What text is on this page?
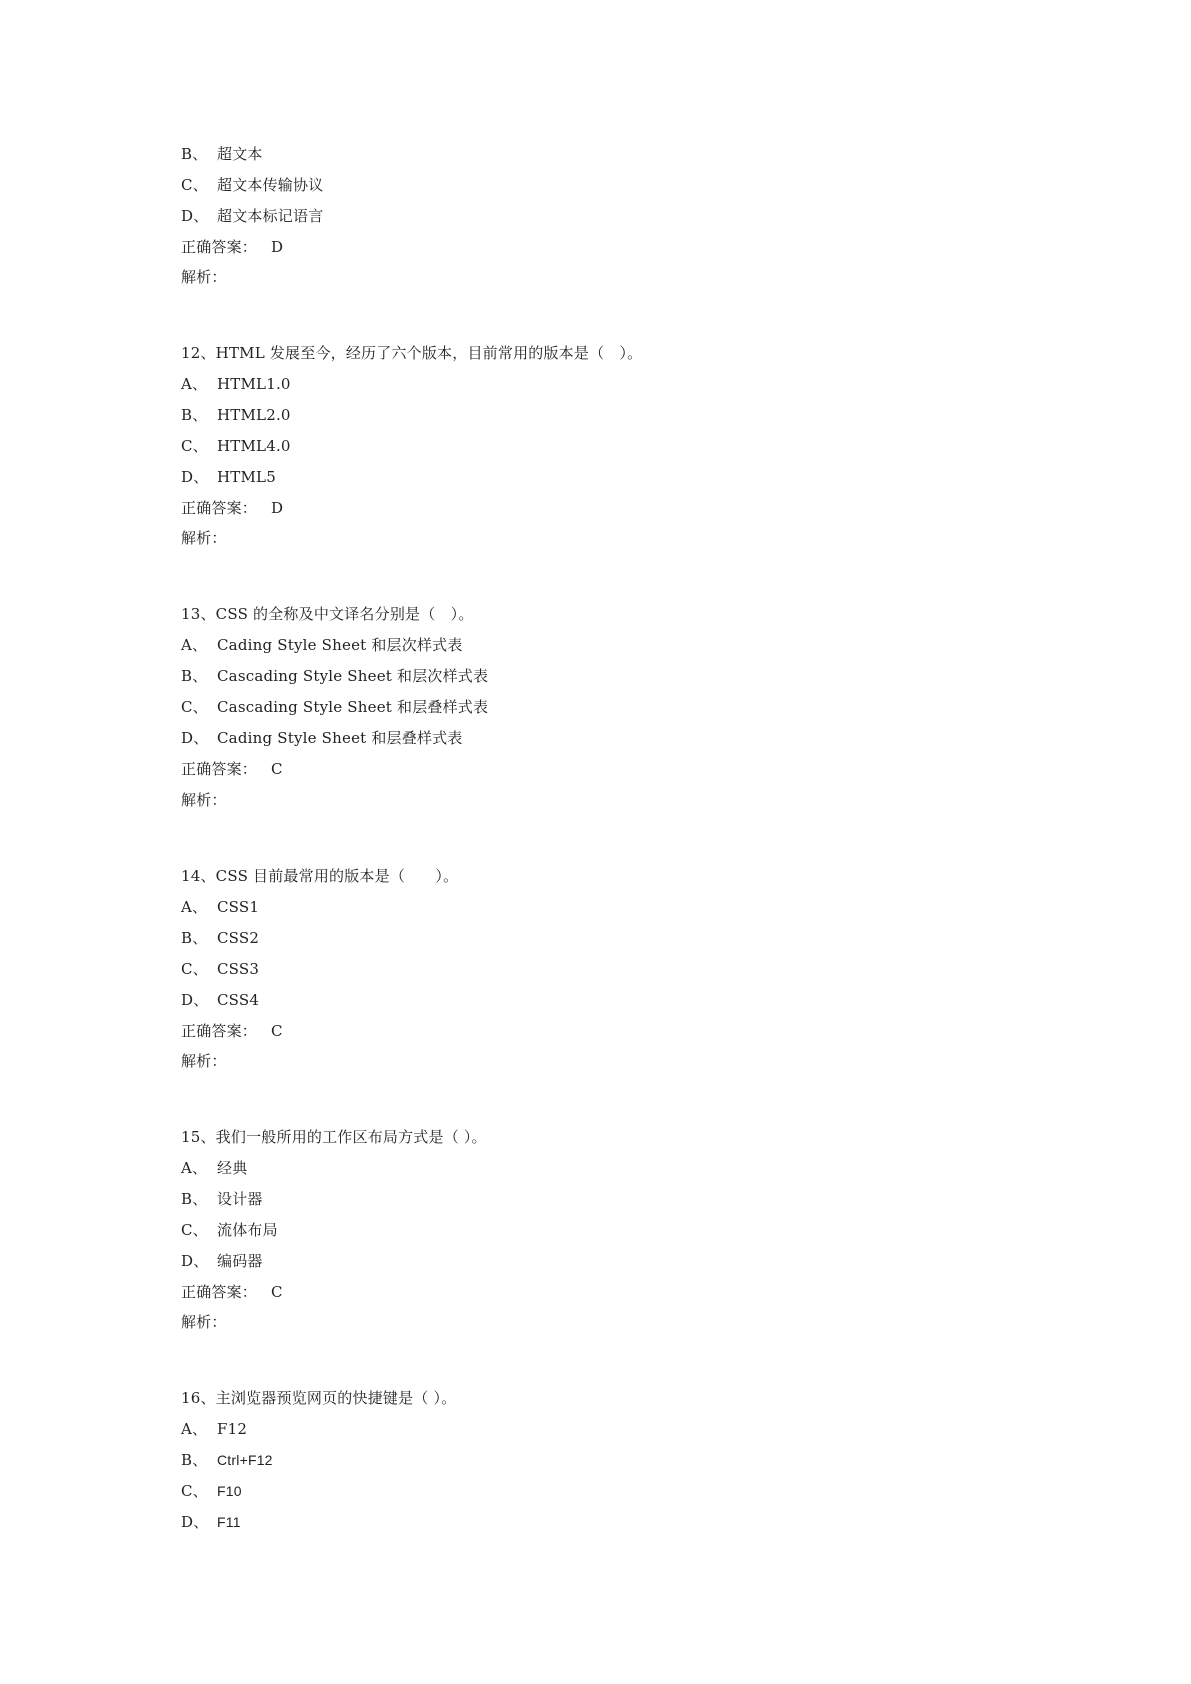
B、 超文本
C、 超文本传输协议
D、 超文本标记语言
正确答案： D
解析：
12、HTML 发展至今，经历了六个版本，目前常用的版本是（　）。
A、 HTML1.0
B、 HTML2.0
C、 HTML4.0
D、 HTML5
正确答案： D
解析：
13、CSS 的全称及中文译名分别是（　）。
A、 Cading Style Sheet 和层次样式表
B、 Cascading Style Sheet 和层次样式表
C、 Cascading Style Sheet 和层叠样式表
D、 Cading Style Sheet 和层叠样式表
正确答案： C
解析：
14、CSS 目前最常用的版本是（　　）。
A、 CSS1
B、 CSS2
C、 CSS3
D、 CSS4
正确答案： C
解析：
15、我们一般所用的工作区布局方式是（ ）。
A、 经典
B、 设计器
C、 流体布局
D、 编码器
正确答案： C
解析：
16、主浏览器预览网页的快捷键是（ ）。
A、 F12
B、 Ctrl+F12
C、 F10
D、 F11
